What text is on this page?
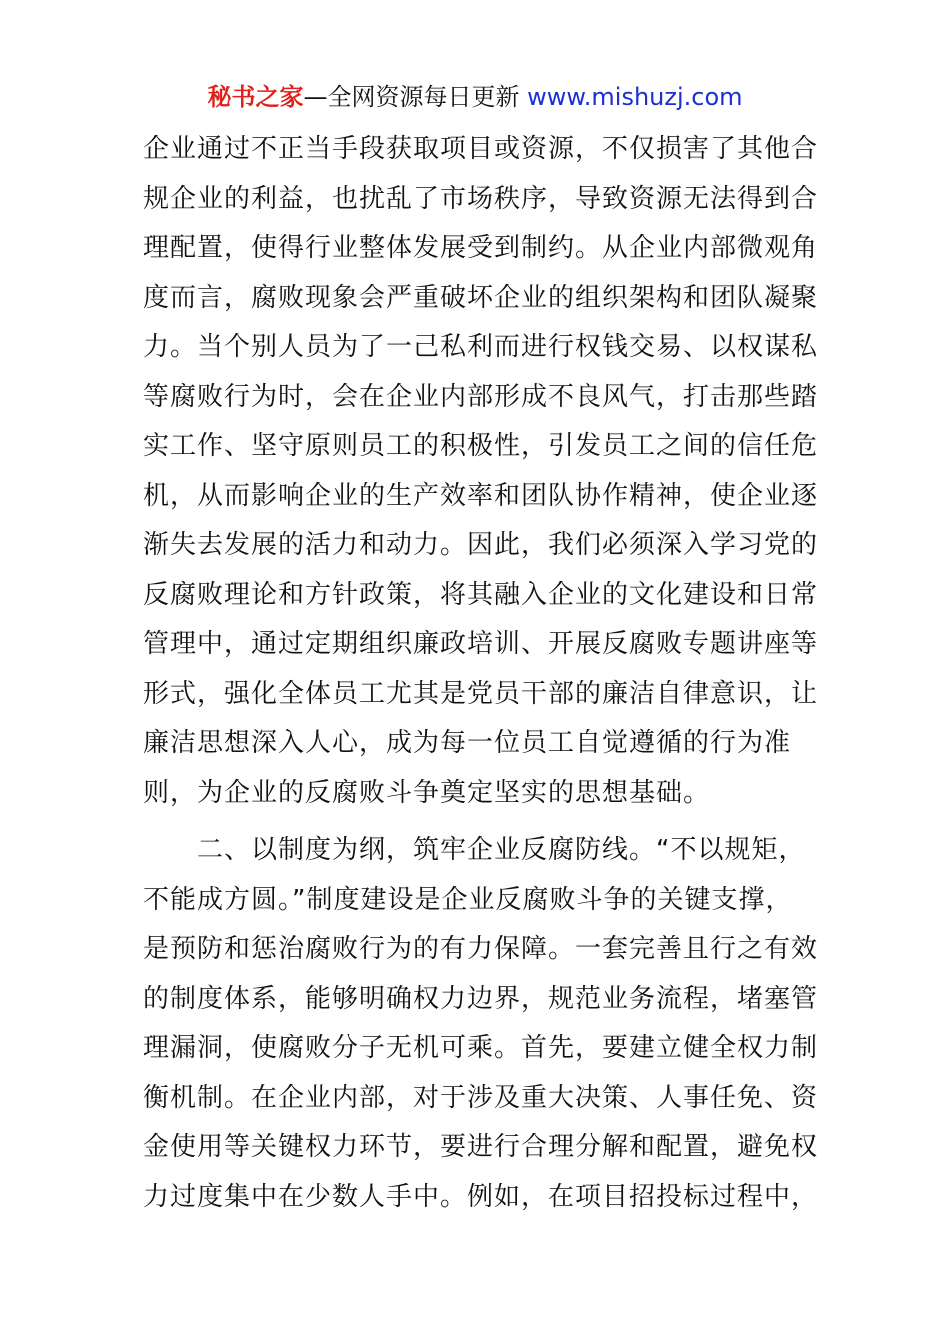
秘书之家—全网资源每日更新 www.mishuzj.com
企业通过不正当手段获取项目或资源，不仅损害了其他合
规企业的利益，也扰乱了市场秩序，导致资源无法得到合
理配置，使得行业整体发展受到制约。从企业内部微观角
度而言，腐败现象会严重破坏企业的组织架构和团队凝聚
力。当个别人员为了一己私利而进行权钱交易、以权谋私
等腐败行为时，会在企业内部形成不良风气，打击那些踏
实工作、坚守原则员工的积极性，引发员工之间的信任危
机，从而影响企业的生产效率和团队协作精神，使企业逐
渐失去发展的活力和动力。因此，我们必须深入学习党的
反腐败理论和方针政策，将其融入企业的文化建设和日常
管理中，通过定期组织廉政培训、开展反腐败专题讲座等
形式，强化全体员工尤其是党员干部的廉洁自律意识，让
廉洁思想深入人心，成为每一位员工自觉遵循的行为准
则，为企业的反腐败斗争奠定坚实的思想基础。
　　二、以制度为纲，筑牢企业反腐防线。“不以规矩，
不能成方圆。”制度建设是企业反腐败斗争的关键支撑，
是预防和惩治腐败行为的有力保障。一套完善且行之有效
的制度体系，能够明确权力边界，规范业务流程，堵塞管
理漏洞，使腐败分子无机可乘。首先，要建立健全权力制
衡机制。在企业内部，对于涉及重大决策、人事任免、资
金使用等关键权力环节，要进行合理分解和配置，避免权
力过度集中在少数人手中。例如，在项目招投标过程中，
